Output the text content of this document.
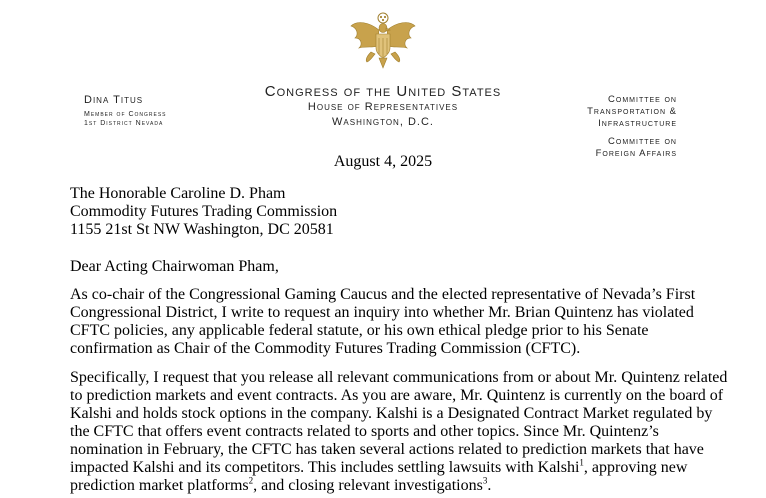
Congress of the United States
House of Representatives
Washington, D.C.
Dina Titus
Member of Congress
1st District Nevada
Committee on
Transportation &
Infrastructure
Committee on
Foreign Affairs
August 4, 2025
The Honorable Caroline D. Pham
Commodity Futures Trading Commission
1155 21st St NW Washington, DC 20581
Dear Acting Chairwoman Pham,
As co-chair of the Congressional Gaming Caucus and the elected representative of Nevada’s First Congressional District, I write to request an inquiry into whether Mr. Brian Quintenz has violated CFTC policies, any applicable federal statute, or his own ethical pledge prior to his Senate confirmation as Chair of the Commodity Futures Trading Commission (CFTC).
Specifically, I request that you release all relevant communications from or about Mr. Quintenz related to prediction markets and event contracts. As you are aware, Mr. Quintenz is currently on the board of Kalshi and holds stock options in the company. Kalshi is a Designated Contract Market regulated by the CFTC that offers event contracts related to sports and other topics. Since Mr. Quintenz’s nomination in February, the CFTC has taken several actions related to prediction markets that have impacted Kalshi and its competitors. This includes settling lawsuits with Kalshi$^1$, approving new prediction market platforms$^2$, and closing relevant investigations$^3$.
